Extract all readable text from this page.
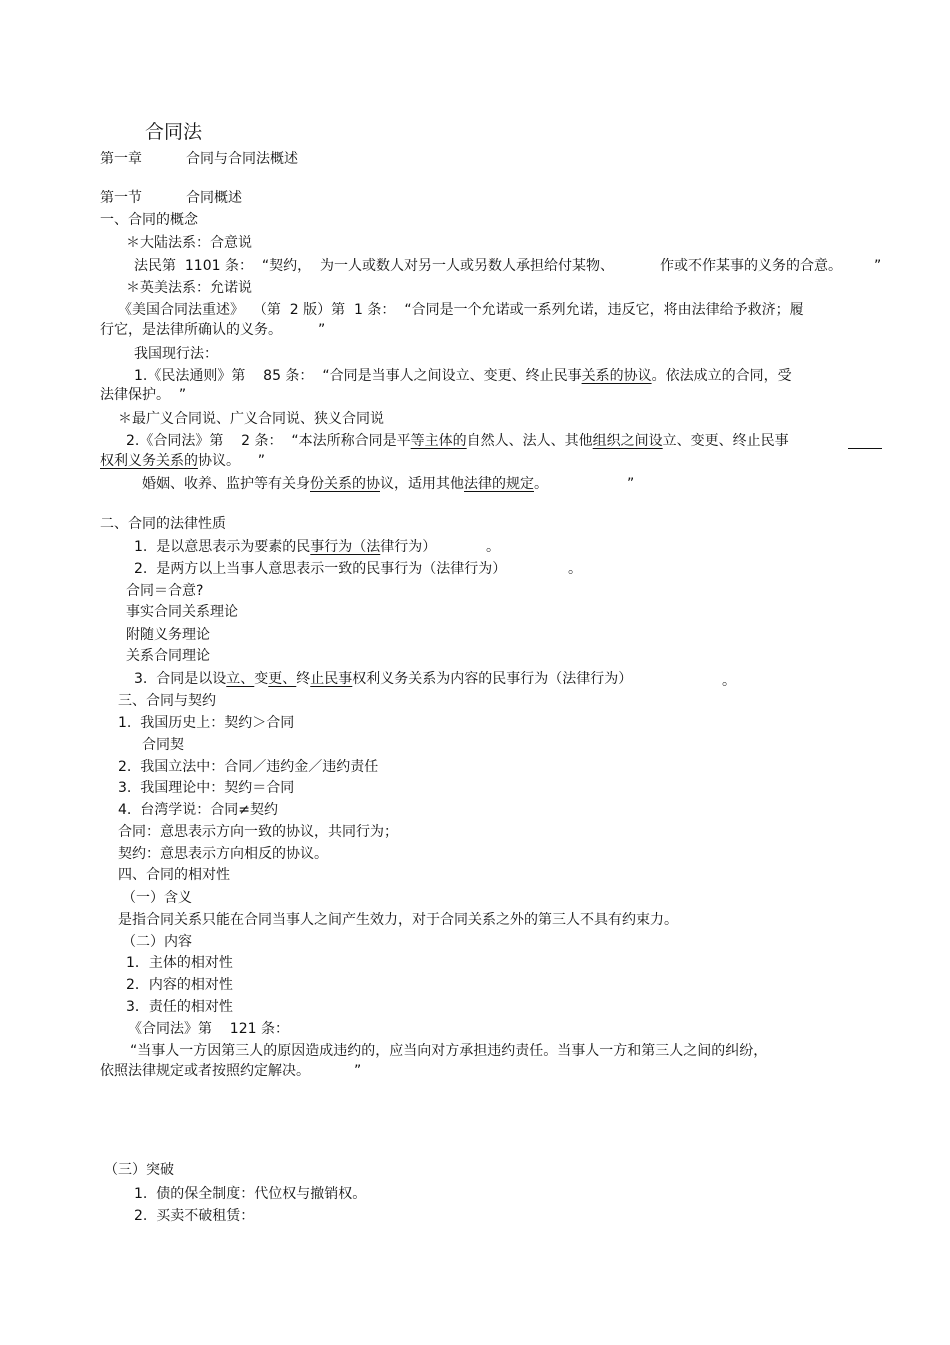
合同法
第一章	合同与合同法概述
第一节	合同概述
一、合同的概念
＊大陆法系：合意说
法民第  1101 条：  “契约，  为一人或数人对另一人或另数人承担给付某物、	作或不作某事的义务的合意。 ”
＊英美法系：允诺说
《美国合同法重述》  （第  2 版）第  1 条：  “合同是一个允诺或一系列允诺，违反它，将由法律给予救济；履
行它，是法律所确认的义务。	”
我国现行法：
1.《民法通则》第    85 条：  “合同是当事人之间设立、变更、终止民事关系的协议。依法成立的合同，受
法律保护。  ”
＊最广义合同说、广义合同说、狭义合同说
2.《合同法》第    2 条：  “本法所称合同是平等主体的自然人、法人、其他组织之间设立、变更、终止民事
权利义务关系的协议。    ”
婚姻、收养、监护等有关身份关系的协议，适用其他法律的规定。	”
二、合同的法律性质
1.  是以意思表示为要素的民事行为（法律行为）	。
2.  是两方以上当事人意思表示一致的民事行为（法律行为）	。
合同＝合意?
事实合同关系理论
附随义务理论
关系合同理论
3.  合同是以设立、变更、终止民事权利义务关系为内容的民事行为（法律行为）	。
三、合同与契约
1.  我国历史上：契约＞合同
合同契
2.  我国立法中：合同／违约金／违约责任
3.  我国理论中：契约＝合同
4.  台湾学说：合同≠契约
合同：意思表示方向一致的协议，共同行为；
契约：意思表示方向相反的协议。
四、合同的相对性
（一）含义
是指合同关系只能在合同当事人之间产生效力，对于合同关系之外的第三人不具有约束力。
（二）内容
1．主体的相对性
2．内容的相对性
3．责任的相对性
《合同法》第    121 条：
“当事人一方因第三人的原因造成违约的，应当向对方承担违约责任。当事人一方和第三人之间的纠纷，
依照法律规定或者按照约定解决。	”
（三）突破
1.  债的保全制度：代位权与撤销权。
2.  买卖不破租赁：
